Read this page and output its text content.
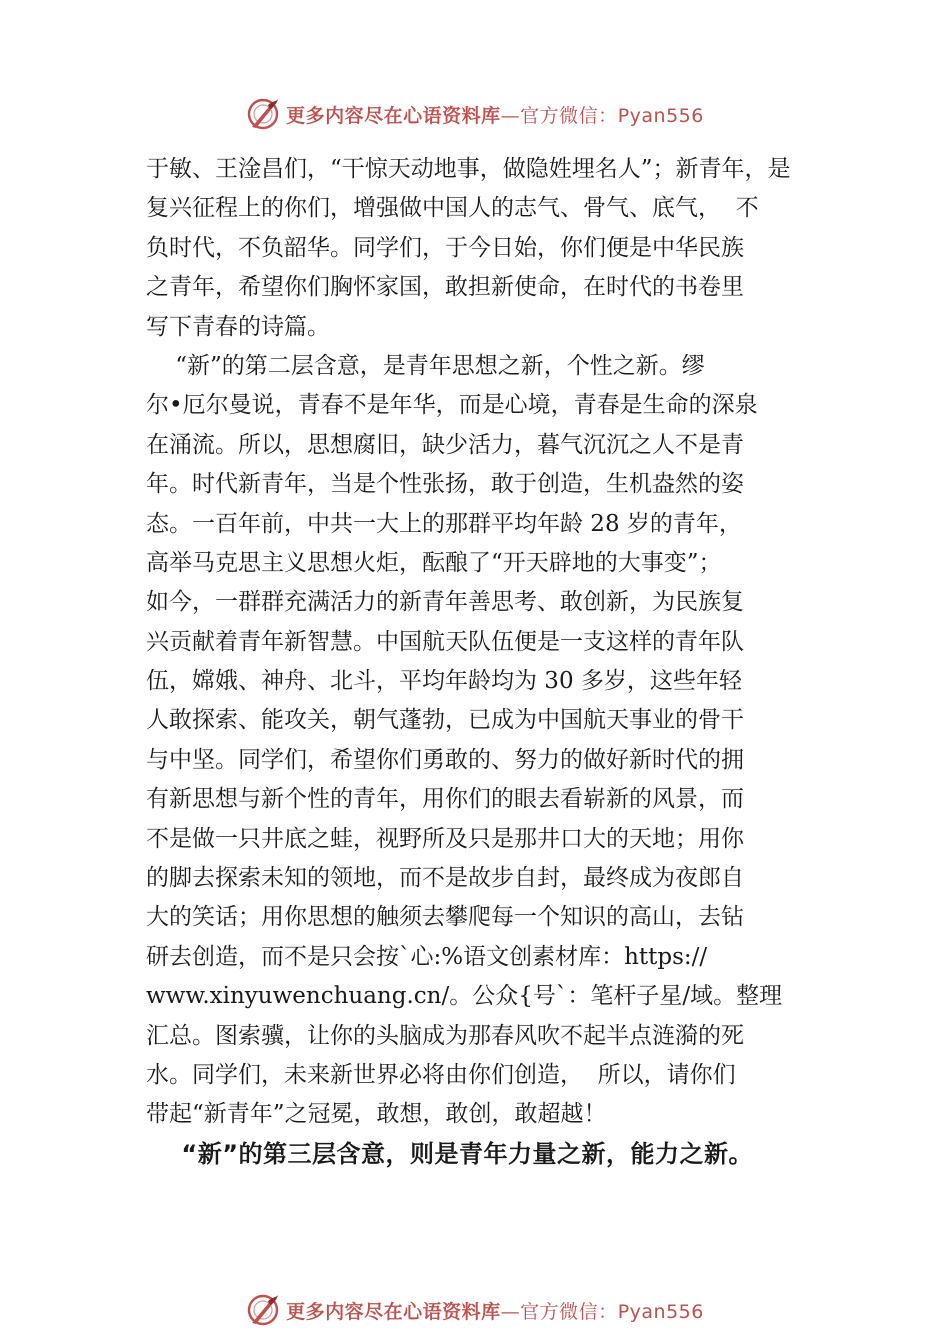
更多内容尽在心语资料库—官方微信：Pyan556
于敏、王淦昌们，“干惊天动地事，做隐姓埋名人”；新青年，是
复兴征程上的你们，增强做中国人的志气、骨气、底气，  不
负时代，不负韶华。同学们，于今日始，你们便是中华民族
之青年，希望你们胸怀家国，敢担新使命，在时代的书卷里
写下青春的诗篇。
“新”的第二层含意，是青年思想之新，个性之新。缪
尔•厄尔曼说，青春不是年华，而是心境，青春是生命的深泉
在涌流。所以，思想腐旧，缺少活力，暮气沉沉之人不是青
年。时代新青年，当是个性张扬，敢于创造，生机盎然的姿
态。一百年前，中共一大上的那群平均年龄 28 岁的青年，
高举马克思主义思想火炬，酝酿了“开天辟地的大事变”；
如今，一群群充满活力的新青年善思考、敢创新，为民族复
兴贡献着青年新智慧。中国航天队伍便是一支这样的青年队
伍，嫦娥、神舟、北斗，平均年龄均为 30 多岁，这些年轻
人敢探索、能攻关，朝气蓬勃，已成为中国航天事业的骨干
与中坚。同学们，希望你们勇敢的、努力的做好新时代的拥
有新思想与新个性的青年，用你们的眼去看崭新的风景，而
不是做一只井底之蛙，视野所及只是那井口大的天地；用你
的脚去探索未知的领地，而不是故步自封，最终成为夜郎自
大的笑话；用你思想的触须去攀爬每一个知识的高山，去钻
研去创造，而不是只会按`心:%语文创素材库：https://
www.xinyuwenchuang.cn/。公众{号`：笔杆子星/域。整理
汇总。图索骥，让你的头脑成为那春风吹不起半点涟漪的死
水。同学们，未来新世界必将由你们创造，  所以，请你们
带起“新青年”之冠冕，敢想，敢创，敢超越！
“新”的第三层含意，则是青年力量之新，能力之新。
更多内容尽在心语资料库—官方微信：Pyan556
